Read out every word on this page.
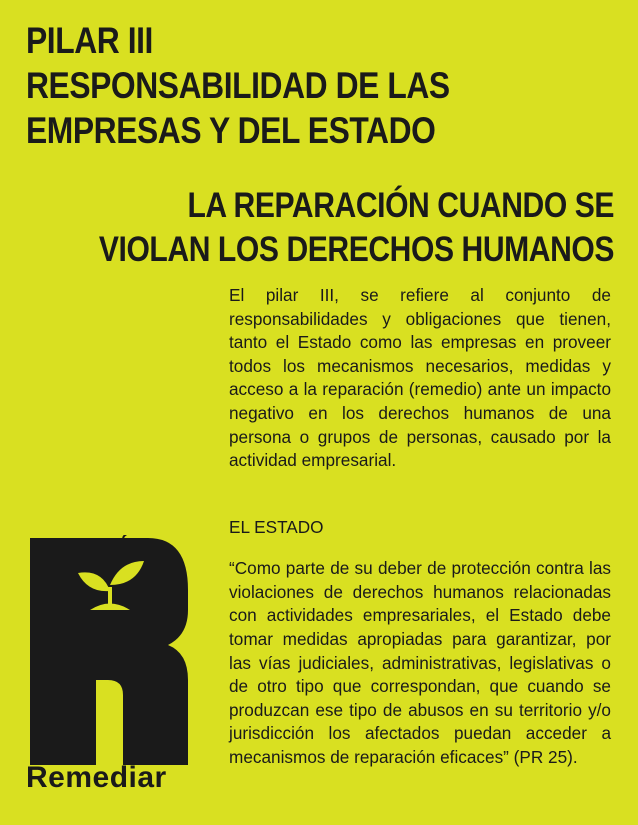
PILAR III
RESPONSABILIDAD DE LAS
EMPRESAS Y DEL ESTADO
LA REPARACIÓN CUANDO SE
VIOLAN LOS DERECHOS HUMANOS

El pilar III, se refiere al conjunto de responsabilidades y obligaciones que tienen, tanto el Estado como las empresas en proveer todos los mecanismos necesarios, medidas y acceso a la reparación (remedio) ante un impacto negativo en los derechos humanos de una persona o grupos de personas, causado por la actividad empresarial.

EL ESTADO

“Como parte de su deber de protección contra las violaciones de derechos humanos relacionadas con actividades empresariales, el Estado debe tomar medidas apropiadas para garantizar, por las vías judiciales, administrativas, legislativas o de otro tipo que correspondan, que cuando se produzcan ese tipo de abusos en su territorio y/o jurisdicción los afectados puedan acceder a mecanismos de reparación eficaces” (PR 25).

Remediar
